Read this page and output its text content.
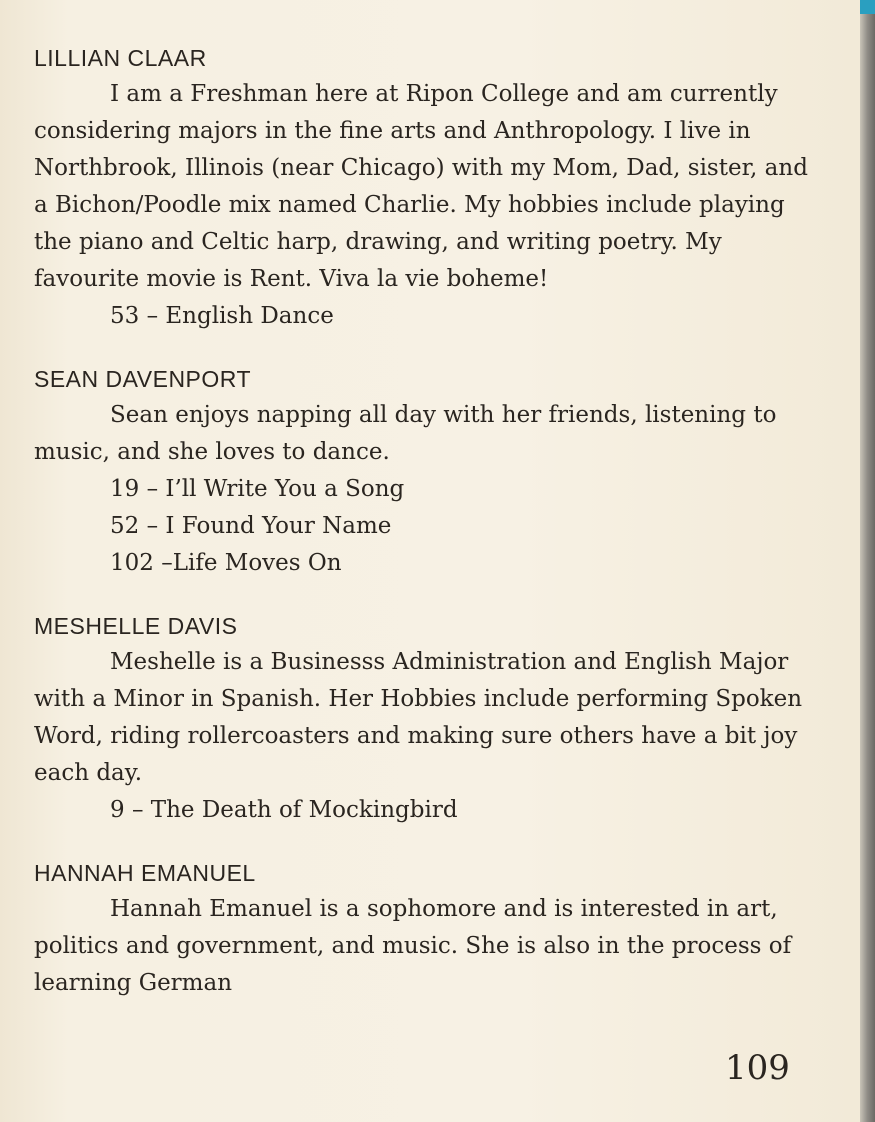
LILLIAN CLAAR

I am a Freshman here at Ripon College and am currently considering majors in the fine arts and Anthropology. I live in Northbrook, Illinois (near Chicago) with my Mom, Dad, sister, and a Bichon/Poodle mix named Charlie. My hobbies include playing the piano and Celtic harp, drawing, and writing poetry. My favourite movie is Rent. Viva la vie boheme!

53 – English Dance
SEAN DAVENPORT

Sean enjoys napping all day with her friends, listening to music, and she loves to dance.

19 – I’ll Write You a Song
52 – I Found Your Name
102 –Life Moves On
MESHELLE DAVIS

Meshelle is a Businesss Administration and English Major with a Minor in Spanish. Her Hobbies include performing Spoken Word, riding rollercoasters and making sure others have a bit joy each day.

9 – The Death of Mockingbird
HANNAH EMANUEL

Hannah Emanuel is a sophomore and is interested in art, politics and government, and music. She is also in the process of learning German

109
